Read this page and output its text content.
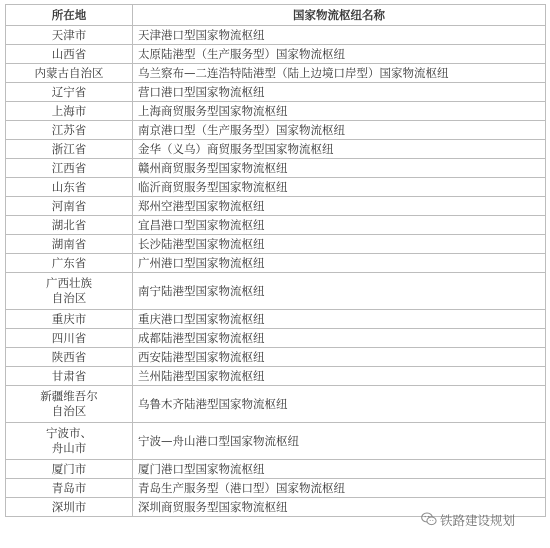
所在地	国家物流枢纽名称
天津市	天津港口型国家物流枢纽
山西省	太原陆港型（生产服务型）国家物流枢纽
内蒙古自治区	乌兰察布—二连浩特陆港型（陆上边境口岸型）国家物流枢纽
辽宁省	营口港口型国家物流枢纽
上海市	上海商贸服务型国家物流枢纽
江苏省	南京港口型（生产服务型）国家物流枢纽
浙江省	金华（义乌）商贸服务型国家物流枢纽
江西省	赣州商贸服务型国家物流枢纽
山东省	临沂商贸服务型国家物流枢纽
河南省	郑州空港型国家物流枢纽
湖北省	宜昌港口型国家物流枢纽
湖南省	长沙陆港型国家物流枢纽
广东省	广州港口型国家物流枢纽
广西壮族
自治区	南宁陆港型国家物流枢纽
重庆市	重庆港口型国家物流枢纽
四川省	成都陆港型国家物流枢纽
陕西省	西安陆港型国家物流枢纽
甘肃省	兰州陆港型国家物流枢纽
新疆维吾尔
自治区	乌鲁木齐陆港型国家物流枢纽
宁波市、
舟山市	宁波—舟山港口型国家物流枢纽
厦门市	厦门港口型国家物流枢纽
青岛市	青岛生产服务型（港口型）国家物流枢纽
深圳市	深圳商贸服务型国家物流枢纽
铁路建设规划
